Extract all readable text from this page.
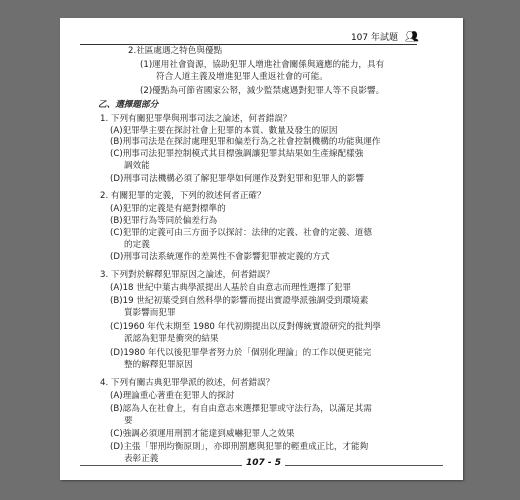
107 年試題 👥︎
2.社區處遇之特色與優點
(1)運用社會資源，協助犯罪人增進社會關係與適應的能力，具有
符合人道主義及增進犯罪人重返社會的可能。
(2)優點為可節省國家公帑，減少監禁處遇對犯罪人等不良影響。
乙、選擇題部分
1. 下列有關犯罪學與刑事司法之論述，何者錯誤？
(A)犯罪學主要在探討社會上犯罪的本質、數量及發生的原因
(B)刑事司法是在探討處理犯罪和偏差行為之社會控制機構的功能與運作
(C)刑事司法犯罪控制模式其目標強調讓犯罪其結果如生產線配樣強
調效能
(D)刑事司法機構必須了解犯罪學如何運作及對犯罪和犯罪人的影響
2. 有關犯罪的定義，下列的敘述何者正確？
(A)犯罪的定義是有絕對標準的
(B)犯罪行為等同於偏差行為
(C)犯罪的定義可由三方面予以探討：法律的定義、社會的定義、道德
的定義
(D)刑事司法系統運作的差異性不會影響犯罪被定義的方式
3. 下列對於解釋犯罪原因之論述，何者錯誤？
(A)18 世紀中葉古典學派提出人基於自由意志而理性選擇了犯罪
(B)19 世紀初葉受到自然科學的影響而提出實證學派強調受到環境素
質影響而犯罪
(C)1960 年代末期至 1980 年代初期提出以反對傳統實證研究的批判學
派認為犯罪是衝突的結果
(D)1980 年代以後犯罪學者努力於「個別化理論」的工作以便更能完
整的解釋犯罪原因
4. 下列有關古典犯罪學派的敘述，何者錯誤？
(A)理論重心著重在犯罪人的探討
(B)認為人在社會上，有自由意志來選擇犯罪或守法行為，以滿足其需
要
(C)強調必須運用刑罰才能達到威嚇犯罪人之效果
(D)主張「罪刑均衡原則」，亦即刑罰應與犯罪的輕重成正比，才能夠
表彰正義	107 - 5
